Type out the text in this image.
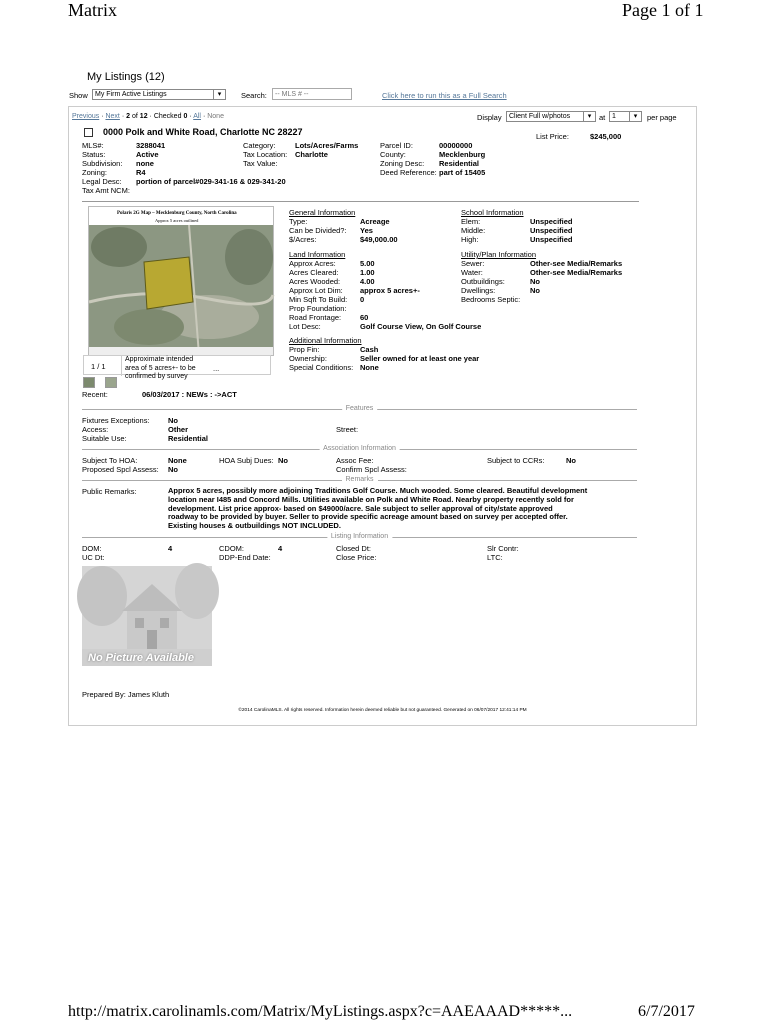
Matrix	Page 1 of 1
My Listings (12)
Show	My Firm Active Listings	▾	Search:
-- MLS # --	Click here to run this as a Full Search
Previous · Next · 2 of 12 · Checked 0 · All · None	Display	Client Full w/photos	▾	at 1	▾	per page
0000 Polk and White Road, Charlotte NC 28227	List Price:	$245,000
MLS#:	3288041
Status:	Active
Subdivision: none
Zoning:	R4
Legal Desc: portion of parcel#029-341-16 & 029-341-20
Tax Amt NCM:
Category:	Lots/Acres/Farms
Tax Location: Charlotte
Tax Value:
Parcel ID:	00000000
County:	Mecklenburg
Zoning Desc: Residential
Deed Reference: part of 15405
Polaris 2G Map – Mecklenburg County, North Carolina
Approx 5 acres outlined
1 / 1
Approximate intended
area of 5 acres+- to be
confirmed by survey
...
General Information
Type:	Acreage
Can be Divided?: Yes
$/Acres:	$49,000.00
Land Information
Approx Acres:	5.00
Acres Cleared:	1.00
Acres Wooded:	4.00
Approx Lot Dim: approx 5 acres+-
Min Sqft To Build: 0
Prop Foundation:
Road Frontage:	60
Lot Desc:	Golf Course View, On Golf Course
Additional Information
Prop Fin:	Cash
Ownership:	Seller owned for at least one year
Special Conditions: None
School Information
Elem:	Unspecified
Middle:	Unspecified
High:	Unspecified
Utility/Plan Information
Sewer:	Other-see Media/Remarks
Water:	Other-see Media/Remarks
Outbuildings:	No
Dwellings:	No
Bedrooms Septic:
Recent:	06/03/2017 : NEWs : ->ACT
Features
Fixtures Exceptions: No
Access:	Other
Suitable Use:	Residential
Street:
Association Information
Subject To HOA:	None
Proposed Spcl Assess: No
HOA Subj Dues: No	Assoc Fee:
Confirm Spcl Assess:
Subject to CCRs:	No
Remarks
Public Remarks:	Approx 5 acres, possibly more adjoining Traditions Golf Course. Much wooded. Some cleared. Beautiful development
location near I485 and Concord Mills. Utilities available on Polk and White Road. Nearby property recently sold for
development. List price approx- based on $49000/acre. Sale subject to seller approval of city/state approved
roadway to be provided by buyer. Seller to provide specific acreage amount based on survey per accepted offer.
Existing houses & outbuildings NOT INCLUDED.
Listing Information
DOM:	4
UC Dt:
CDOM:	4
DDP-End Date:
Closed Dt:
Close Price:
Slr Contr:
LTC:
No Picture Available
Prepared By: James Kluth
©2014 CarolinaMLS. All rights reserved. Information herein deemed reliable but not guaranteed. Generated on 06/07/2017 12:41:14 PM
http://matrix.carolinamls.com/Matrix/MyListings.aspx?c=AAEAAAD*****...	6/7/2017
